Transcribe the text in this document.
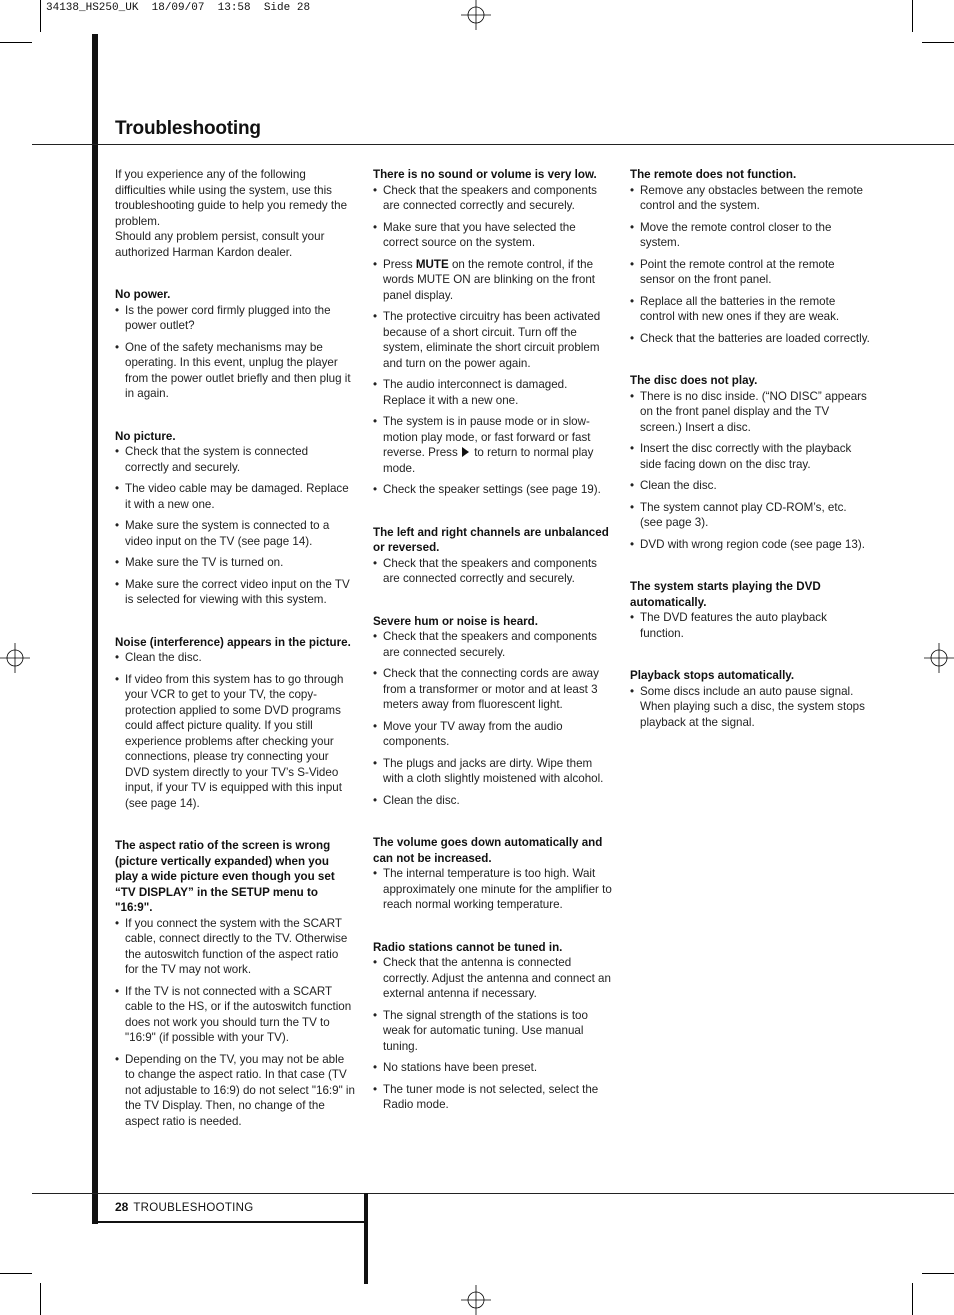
34138_HS250_UK  18/09/07  13:58  Side 28
Troubleshooting
28 TROUBLESHOOTING

If you experience any of the following difficulties while using the system, use this troubleshooting guide to help you remedy the problem.

Should any problem persist, consult your authorized Harman Kardon dealer.

No power.
• Is the power cord firmly plugged into the power outlet?
• One of the safety mechanisms may be operating. In this event, unplug the player from the power outlet briefly and then plug it in again.
No picture.
• Check that the system is connected correctly and securely.
• The video cable may be damaged. Replace it with a new one.
• Make sure the system is connected to a video input on the TV (see page 14).
• Make sure the TV is turned on.
• Make sure the correct video input on the TV is selected for viewing with this system.
Noise (interference) appears in the picture.
• Clean the disc.
• If video from this system has to go through your VCR to get to your TV, the copy-protection applied to some DVD programs could affect picture quality. If you still experience problems after checking your connections, please try connecting your DVD system directly to your TV’s S-Video input, if your TV is equipped with this input (see page 14).
The aspect ratio of the screen is wrong (picture vertically expanded) when you play a wide picture even though you set “TV DISPLAY” in the SETUP menu to "16:9".
• If you connect the system with the SCART cable, connect directly to the TV. Otherwise the autoswitch function of the aspect ratio for the TV may not work.
• If the TV is not connected with a SCART cable to the HS, or if the autoswitch function does not work you should turn the TV to "16:9" (if possible with your TV).
• Depending on the TV, you may not be able to change the aspect ratio. In that case (TV not adjustable to 16:9) do not select "16:9" in the TV Display. Then, no change of the aspect ratio is needed.
There is no sound or volume is very low.
• Check that the speakers and components are connected correctly and securely.
• Make sure that you have selected the correct source on the system.
• Press MUTE on the remote control, if the words MUTE ON are blinking on the front panel display.
• The protective circuitry has been activated because of a short circuit. Turn off the system, eliminate the short circuit problem and turn on the power again.
• The audio interconnect is damaged. Replace it with a new one.
• The system is in pause mode or in slow-motion play mode, or fast forward or fast reverse. Press  to return to normal play mode.
• Check the speaker settings (see page 19).
The left and right channels are unbalanced or reversed.
• Check that the speakers and components are connected correctly and securely.
Severe hum or noise is heard.
• Check that the speakers and components are connected securely.
• Check that the connecting cords are away from a transformer or motor and at least 3 meters away from fluorescent light.
• Move your TV away from the audio components.
• The plugs and jacks are dirty. Wipe them with a cloth slightly moistened with alcohol.
• Clean the disc.
The volume goes down automatically and can not be increased.
• The internal temperature is too high. Wait approximately one minute for the amplifier to reach normal working temperature.
Radio stations cannot be tuned in.
• Check that the antenna is connected correctly. Adjust the antenna and connect an external antenna if necessary.
• The signal strength of the stations is too weak for automatic tuning. Use manual tuning.
• No stations have been preset.
• The tuner mode is not selected, select the Radio mode.
The remote does not function.
• Remove any obstacles between the remote control and the system.
• Move the remote control closer to the system.
• Point the remote control at the remote sensor on the front panel.
• Replace all the batteries in the remote control with new ones if they are weak.
• Check that the batteries are loaded correctly.
The disc does not play.
• There is no disc inside. (“NO DISC” appears on the front panel display and the TV screen.) Insert a disc.
• Insert the disc correctly with the playback side facing down on the disc tray.
• Clean the disc.
• The system cannot play CD-ROM’s, etc. (see page 3).
• DVD with wrong region code (see page 13).
The system starts playing the DVD automatically.
• The DVD features the auto playback function.
Playback stops automatically.
• Some discs include an auto pause signal. When playing such a disc, the system stops playback at the signal.
